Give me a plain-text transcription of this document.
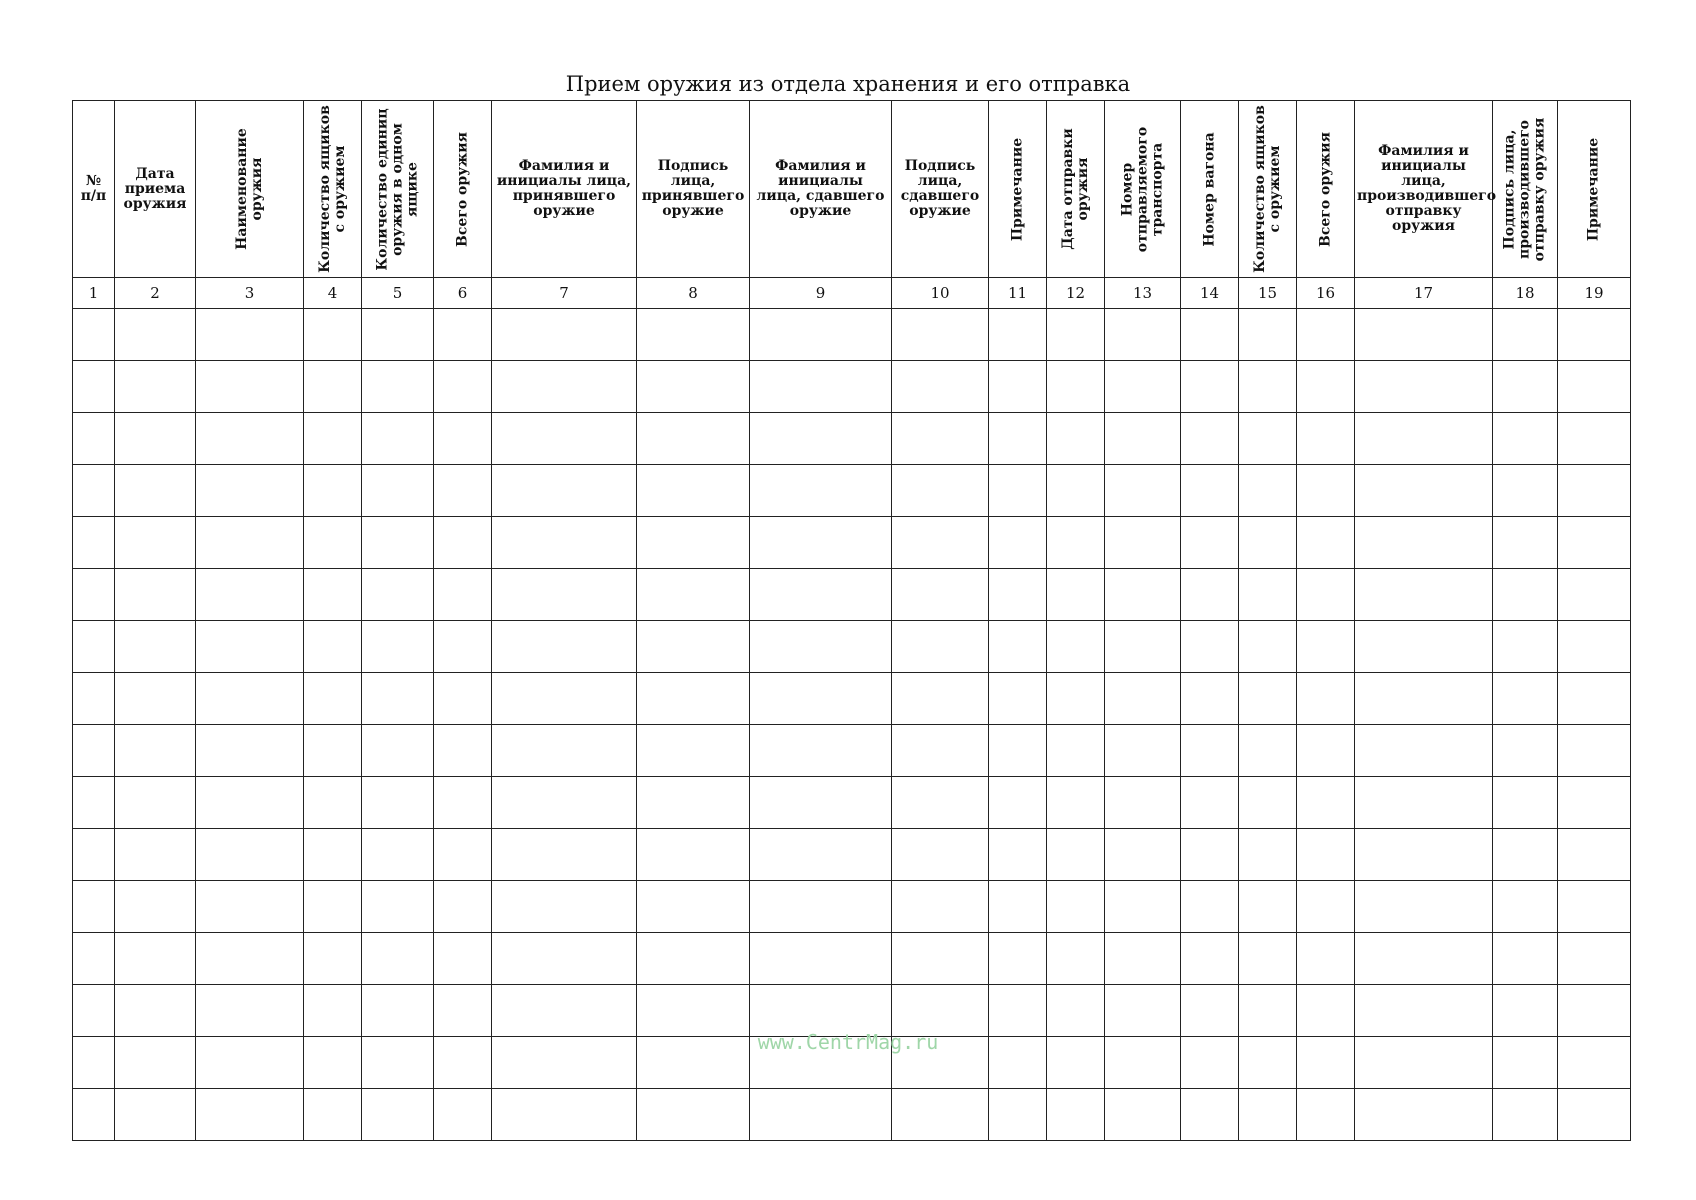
Прием оружия из отдела хранения и его отправка
№
п/п	Дата
приема
оружия	Наименование
оружия	Количество ящиков
с оружием	Количество единиц
оружия в одном
ящике	Всего оружия	Фамилия и
инициалы лица,
принявшего
оружие	Подпись
лица,
принявшего
оружие	Фамилия и
инициалы
лица, сдавшего
оружие	Подпись
лица,
сдавшего
оружие	Примечание	Дата отправки
оружия	Номер
отправляемого
транспорта	Номер вагона	Количество ящиков
с оружием	Всего оружия	Фамилия и
инициалы лица,
производившего
отправку
оружия	Подпись лица,
производившего
отправку оружия	Примечание
1	2	3	4	5	6	7	8	9	10	11	12	13	14	15	16	17	18	19

www.CentrMag.ru
